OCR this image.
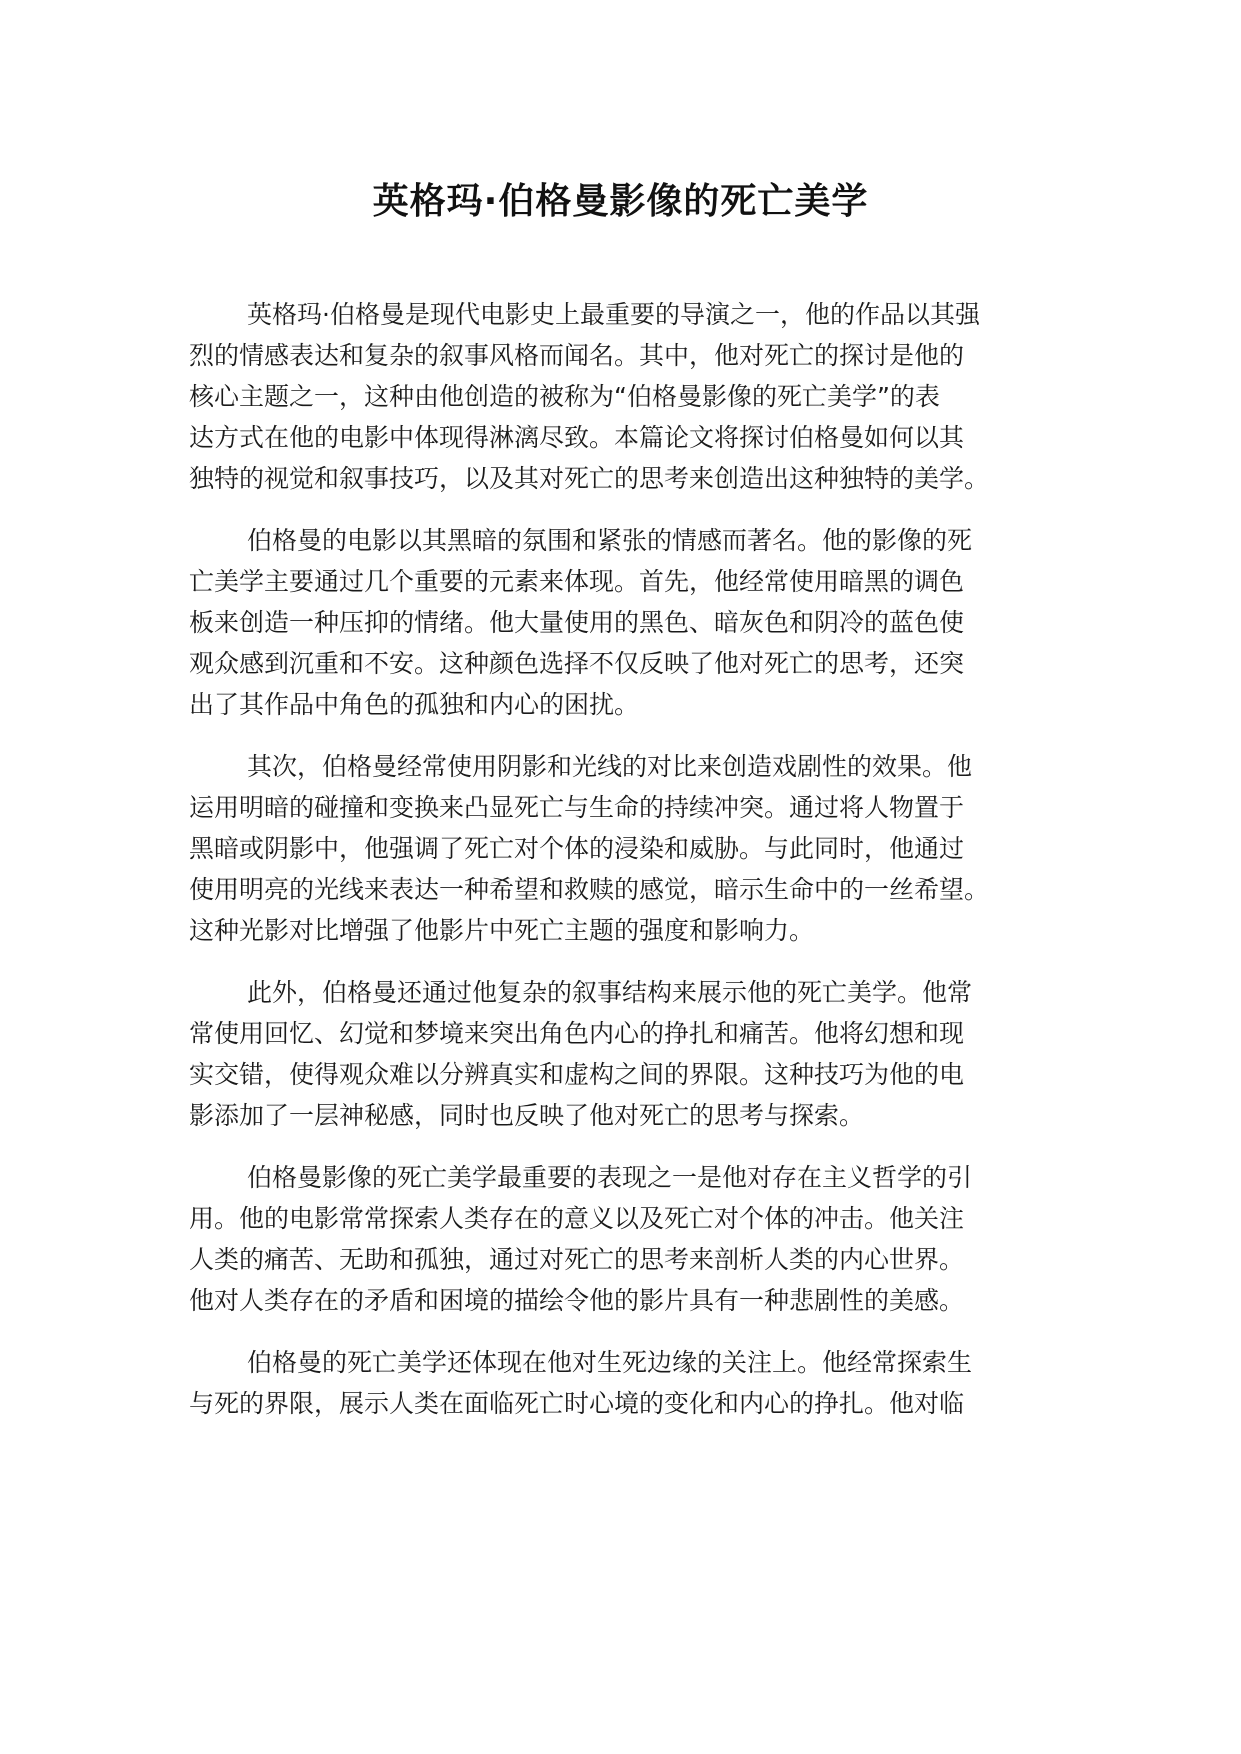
英格玛·伯格曼影像的死亡美学
英格玛·伯格曼是现代电影史上最重要的导演之一，他的作品以其强
烈的情感表达和复杂的叙事风格而闻名。其中，他对死亡的探讨是他的
核心主题之一，这种由他创造的被称为“伯格曼影像的死亡美学”的表
达方式在他的电影中体现得淋漓尽致。本篇论文将探讨伯格曼如何以其
独特的视觉和叙事技巧，以及其对死亡的思考来创造出这种独特的美学。
伯格曼的电影以其黑暗的氛围和紧张的情感而著名。他的影像的死
亡美学主要通过几个重要的元素来体现。首先，他经常使用暗黑的调色
板来创造一种压抑的情绪。他大量使用的黑色、暗灰色和阴冷的蓝色使
观众感到沉重和不安。这种颜色选择不仅反映了他对死亡的思考，还突
出了其作品中角色的孤独和内心的困扰。
其次，伯格曼经常使用阴影和光线的对比来创造戏剧性的效果。他
运用明暗的碰撞和变换来凸显死亡与生命的持续冲突。通过将人物置于
黑暗或阴影中，他强调了死亡对个体的浸染和威胁。与此同时，他通过
使用明亮的光线来表达一种希望和救赎的感觉，暗示生命中的一丝希望。
这种光影对比增强了他影片中死亡主题的强度和影响力。
此外，伯格曼还通过他复杂的叙事结构来展示他的死亡美学。他常
常使用回忆、幻觉和梦境来突出角色内心的挣扎和痛苦。他将幻想和现
实交错，使得观众难以分辨真实和虚构之间的界限。这种技巧为他的电
影添加了一层神秘感，同时也反映了他对死亡的思考与探索。
伯格曼影像的死亡美学最重要的表现之一是他对存在主义哲学的引
用。他的电影常常探索人类存在的意义以及死亡对个体的冲击。他关注
人类的痛苦、无助和孤独，通过对死亡的思考来剖析人类的内心世界。
他对人类存在的矛盾和困境的描绘令他的影片具有一种悲剧性的美感。
伯格曼的死亡美学还体现在他对生死边缘的关注上。他经常探索生
与死的界限，展示人类在面临死亡时心境的变化和内心的挣扎。他对临
